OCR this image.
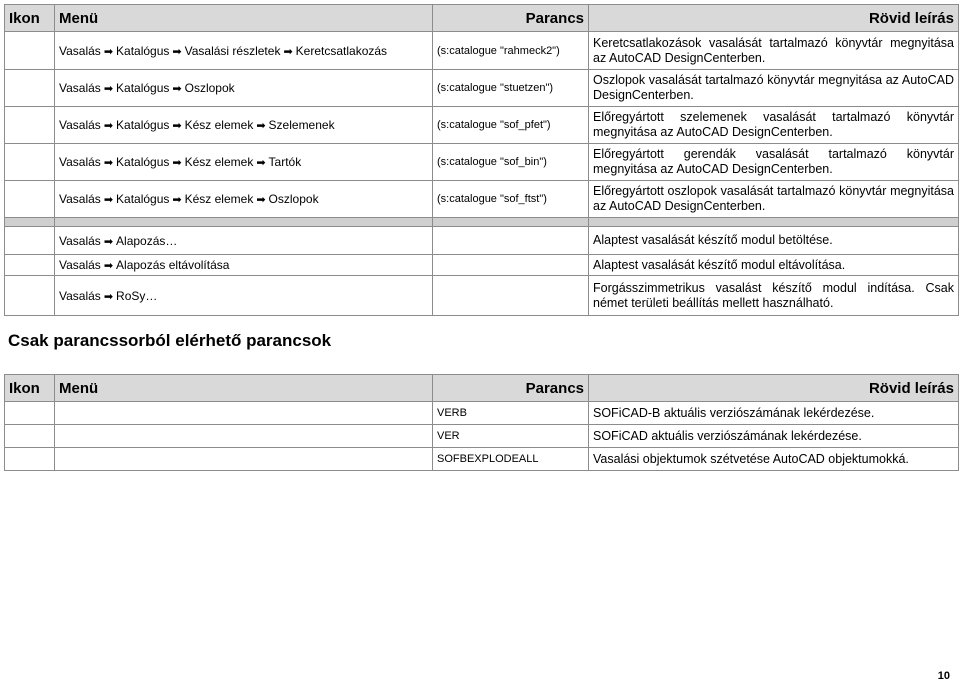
Ikon	Menü	Parancs	Rövid leírás
	Vasalás ➡ Katalógus ➡ Vasalási részletek ➡ Keretcsatlakozás	(s:catalogue "rahmeck2")	Keretcsatlakozások vasalását tartalmazó könyvtár megnyitása az AutoCAD DesignCenterben.
	Vasalás ➡ Katalógus ➡ Oszlopok	(s:catalogue "stuetzen")	Oszlopok vasalását tartalmazó könyvtár megnyitása az AutoCAD DesignCenterben.
	Vasalás ➡ Katalógus ➡ Kész elemek ➡ Szelemenek	(s:catalogue "sof_pfet")	Előregyártott szelemenek vasalását tartalmazó könyvtár megnyitása az AutoCAD DesignCenterben.
	Vasalás ➡ Katalógus ➡ Kész elemek ➡ Tartók	(s:catalogue "sof_bin")	Előregyártott gerendák vasalását tartalmazó könyvtár megnyitása az AutoCAD DesignCenterben.
	Vasalás ➡ Katalógus ➡ Kész elemek ➡ Oszlopok	(s:catalogue "sof_ftst")	Előregyártott oszlopok vasalását tartalmazó könyvtár megnyitása az AutoCAD DesignCenterben.

	Vasalás ➡ Alapozás…		Alaptest vasalását készítő modul betöltése.
	Vasalás ➡ Alapozás eltávolítása		Alaptest vasalását készítő modul eltávolítása.
	Vasalás ➡ RoSy…		Forgásszimmetrikus vasalást készítő modul indítása. Csak német területi beállítás mellett használható.
Csak parancssorból elérhető parancsok
Ikon	Menü	Parancs	Rövid leírás
		VERB	SOFiCAD-B aktuális verziószámának lekérdezése.
		VER	SOFiCAD aktuális verziószámának lekérdezése.
		SOFBEXPLODEALL	Vasalási objektumok szétvetése AutoCAD objektumokká.
10
